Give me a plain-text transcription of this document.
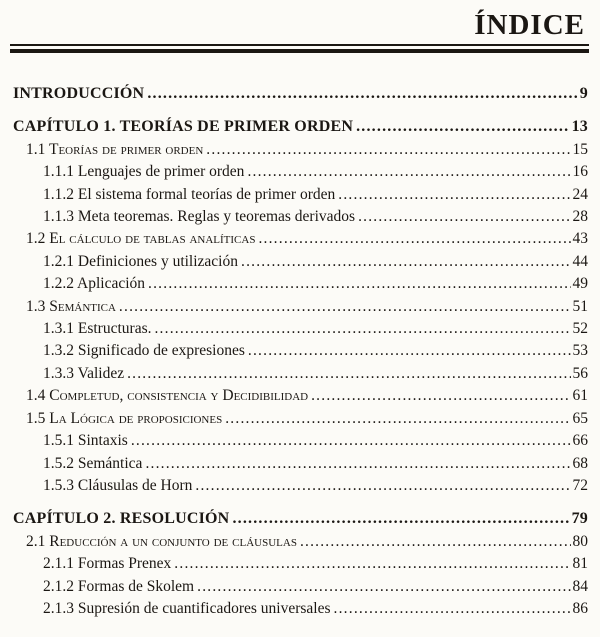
ÍNDICE
INTRODUCCIÓN .....	9
CAPÍTULO 1. TEORÍAS DE PRIMER ORDEN .....	13
1.1 Teorías de primer orden .....	15
1.1.1 Lenguajes de primer orden .....	16
1.1.2 El sistema formal teorías de primer orden .....	24
1.1.3 Meta teoremas. Reglas y teoremas derivados .....	28
1.2 El cálculo de tablas analíticas .....	43
1.2.1 Definiciones y utilización .....	44
1.2.2 Aplicación .....	49
1.3 Semántica .....	51
1.3.1 Estructuras. .....	52
1.3.2 Significado de expresiones .....	53
1.3.3 Validez .....	56
1.4 Completud, consistencia y Decidibilidad .....	61
1.5 La Lógica de proposiciones .....	65
1.5.1 Sintaxis .....	66
1.5.2 Semántica .....	68
1.5.3 Cláusulas de Horn .....	72
CAPÍTULO 2. RESOLUCIÓN .....	79
2.1 Reducción a un conjunto de cláusulas .....	80
2.1.1 Formas Prenex .....	81
2.1.2 Formas de Skolem .....	84
2.1.3 Supresión de cuantificadores universales .....	86
